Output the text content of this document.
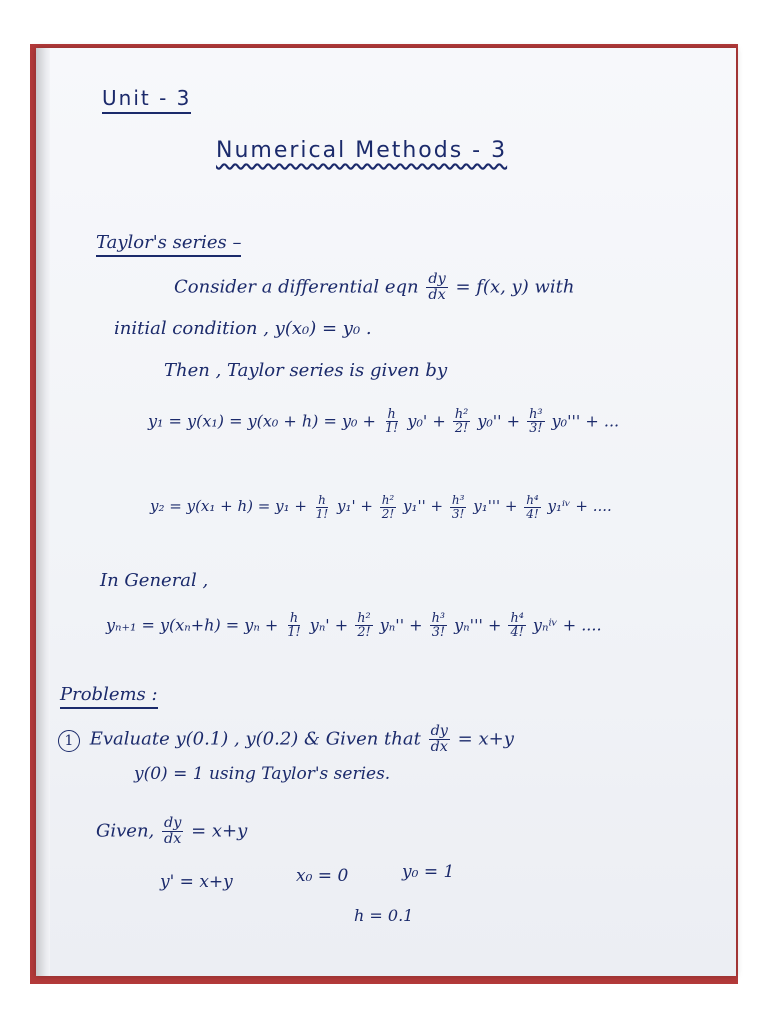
Unit - 3
Numerical Methods - 3
Taylor's series –
Consider a differential eqn $\frac{dy}{dx} = f(x$, y) with
initial condition , y(x₀) = y₀ .
Then , Taylor series is given by
$y_1 = y(x_1) = y(x_0 + h) = y_0 + \frac{h}{1!} y_0' + \frac{\text{h²}}{2!} y_0'' + \frac{\text{h³}}{3!} y_0'''$ + ...
$y_2 = y(x_1 + h) = y_1 + \frac{h}{1!} y_1' + \frac{\text{h²}}{2!} y_1'' + \frac{\text{h³}}{3!} y_1''' + \frac{\text{h⁴}}{4!}$ y₁ⁱᵛ + ....
In General ,
$y_{n+1} = y(x_n+h) = y_n + \frac{h}{1!} y_n' + \frac{\text{h²}}{2!} y_n'' + \frac{\text{h³}}{3!} y_n''' + \frac{\text{h⁴}}{4!}$ yₙⁱᵛ + ....
Problems :
1 Evaluate y(0.1) , y(0.2) & Given that $\frac{dy}{dx} = x+y$
y(0) = 1 using Taylor's series.
Given, $\frac{dy}{dx} = x+y$
y' = x+y	x₀ = 0	y₀ = 1
h = 0.1
